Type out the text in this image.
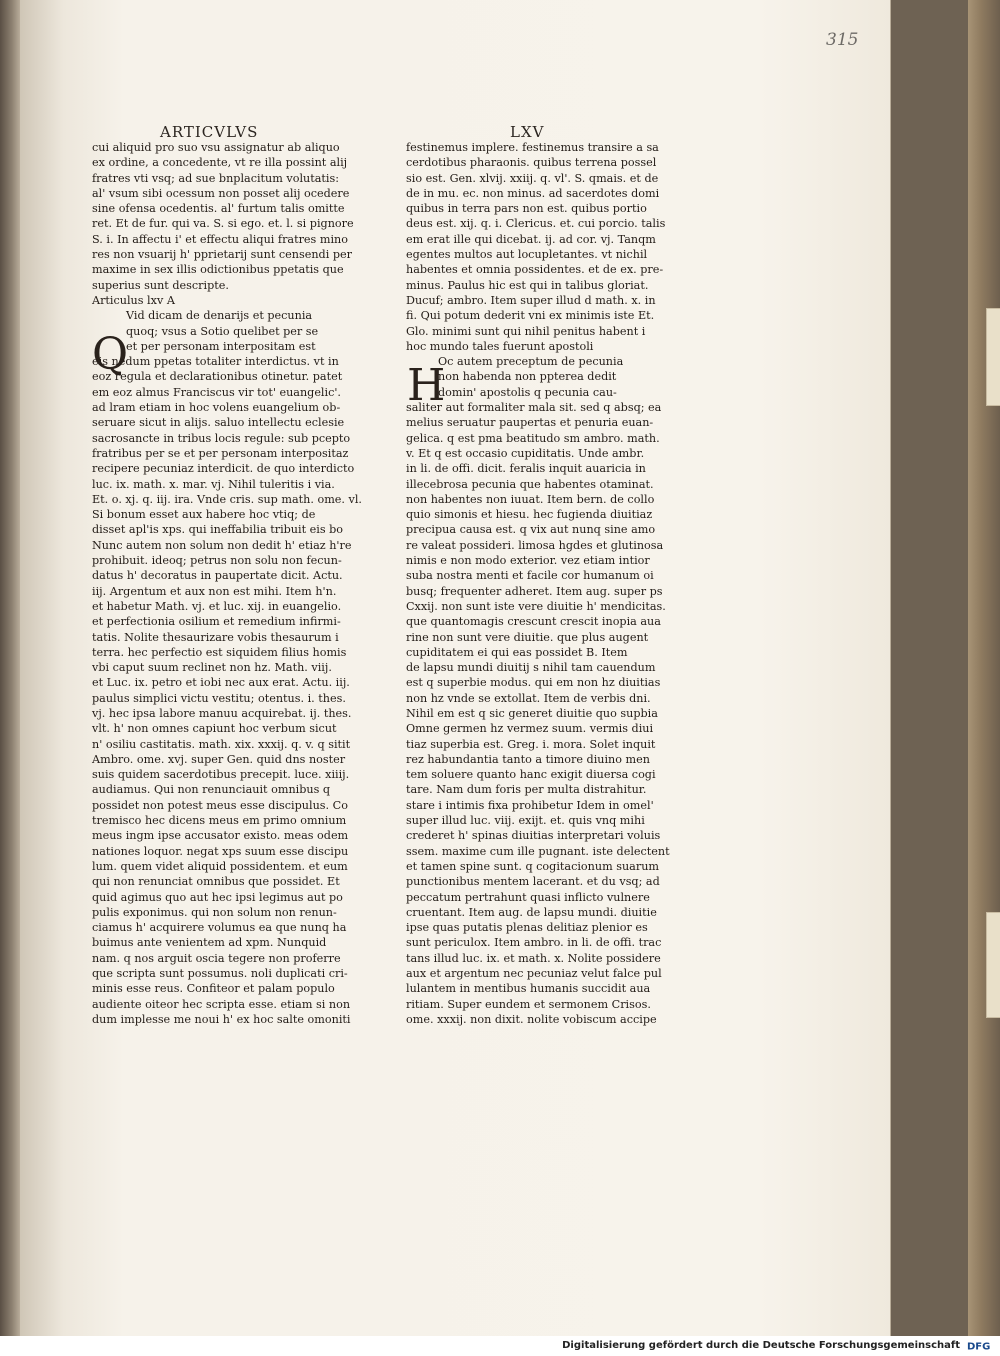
315
ARTICVLVS	LXV
Q
H
cui aliquid pro suo vsu assignatur ab aliquo
ex ordine, a concedente, vt re illa possint alij
fratres vti vsq; ad sue bnplacitum volutatis:
al' vsum sibi ocessum non posset alij ocedere
sine ofensa ocedentis. al' furtum talis omitte
ret. Et de fur. qui va. S. si ego. et. l. si pignore
S. i. In affectu i' et effectu aliqui fratres mino
res non vsuarij h' pprietarij sunt censendi per
maxime in sex illis odictionibus ppetatis que
superius sunt descripte.
Articulus lxv A
Vid dicam de denarijs et pecunia
quoq; vsus a Sotio quelibet per se
et per personam interpositam est
eis nedum ppetas totaliter interdictus. vt in
eoz regula et declarationibus otinetur. patet
em eoz almus Franciscus vir tot' euangelic'.
ad lram etiam in hoc volens euangelium ob-
seruare sicut in alijs. saluo intellectu eclesie
sacrosancte in tribus locis regule: sub pcepto
fratribus per se et per personam interpositaz
recipere pecuniaz interdicit. de quo interdicto
luc. ix. math. x. mar. vj. Nihil tuleritis i via.
Et. o. xj. q. iij. ira. Vnde cris. sup math. ome. vl.
Si bonum esset aux habere hoc vtiq; de
disset apl'is xps. qui ineffabilia tribuit eis bo
Nunc autem non solum non dedit h' etiaz h're
prohibuit. ideoq; petrus non solu non fecun-
datus h' decoratus in paupertate dicit. Actu.
iij. Argentum et aux non est mihi. Item h'n.
et habetur Math. vj. et luc. xij. in euangelio.
et perfectionia osilium et remedium infirmi-
tatis. Nolite thesaurizare vobis thesaurum i
terra. hec perfectio est siquidem filius homis
vbi caput suum reclinet non hz. Math. viij.
et Luc. ix. petro et iobi nec aux erat. Actu. iij.
paulus simplici victu vestitu; otentus. i. thes.
vj. hec ipsa labore manuu acquirebat. ij. thes.
vlt. h' non omnes capiunt hoc verbum sicut
n' osiliu castitatis. math. xix. xxxij. q. v. q sitit
Ambro. ome. xvj. super Gen. quid dns noster
suis quidem sacerdotibus precepit. luce. xiiij.
audiamus. Qui non renunciauit omnibus q
possidet non potest meus esse discipulus. Co
tremisco hec dicens meus em primo omnium
meus ingm ipse accusator existo. meas odem
nationes loquor. negat xps suum esse discipu
lum. quem videt aliquid possidentem. et eum
qui non renunciat omnibus que possidet. Et
quid agimus quo aut hec ipsi legimus aut po
pulis exponimus. qui non solum non renun-
ciamus h' acquirere volumus ea que nunq ha
buimus ante venientem ad xpm. Nunquid
nam. q nos arguit oscia tegere non proferre
que scripta sunt possumus. noli duplicati cri-
minis esse reus. Confiteor et palam populo
audiente oiteor hec scripta esse. etiam si non
dum implesse me noui h' ex hoc salte omoniti
festinemus implere. festinemus transire a sa
cerdotibus pharaonis. quibus terrena possel
sio est. Gen. xlvij. xxiij. q. vl'. S. qmais. et de
de in mu. ec. non minus. ad sacerdotes domi
quibus in terra pars non est. quibus portio
deus est. xij. q. i. Clericus. et. cui porcio. talis
em erat ille qui dicebat. ij. ad cor. vj. Tanqm
egentes multos aut locupletantes. vt nichil
habentes et omnia possidentes. et de ex. pre-
minus. Paulus hic est qui in talibus gloriat.
Ducuf; ambro. Item super illud d math. x. in
fi. Qui potum dederit vni ex minimis iste Et.
Glo. minimi sunt qui nihil penitus habent i
hoc mundo tales fuerunt apostoli
Oc autem preceptum de pecunia
non habenda non ppterea dedit
domin' apostolis q pecunia cau-
saliter aut formaliter mala sit. sed q absq; ea
melius seruatur paupertas et penuria euan-
gelica. q est pma beatitudo sm ambro. math.
v. Et q est occasio cupiditatis. Unde ambr.
in li. de offi. dicit. feralis inquit auaricia in
illecebrosa pecunia que habentes otaminat.
non habentes non iuuat. Item bern. de collo
quio simonis et hiesu. hec fugienda diuitiaz
precipua causa est. q vix aut nunq sine amo
re valeat possideri. limosa hgdes et glutinosa
nimis e non modo exterior. vez etiam intior
suba nostra menti et facile cor humanum oi
busq; frequenter adheret. Item aug. super ps
Cxxij. non sunt iste vere diuitie h' mendicitas.
que quantomagis crescunt crescit inopia aua
rine non sunt vere diuitie. que plus augent
cupiditatem ei qui eas possidet B. Item
de lapsu mundi diuitij s nihil tam cauendum
est q superbie modus. qui em non hz diuitias
non hz vnde se extollat. Item de verbis dni.
Nihil em est q sic generet diuitie quo supbia
Omne germen hz vermez suum. vermis diui
tiaz superbia est. Greg. i. mora. Solet inquit
rez habundantia tanto a timore diuino men
tem soluere quanto hanc exigit diuersa cogi
tare. Nam dum foris per multa distrahitur.
stare i intimis fixa prohibetur Idem in omel'
super illud luc. viij. exijt. et. quis vnq mihi
crederet h' spinas diuitias interpretari voluis
ssem. maxime cum ille pugnant. iste delectent
et tamen spine sunt. q cogitacionum suarum
punctionibus mentem lacerant. et du vsq; ad
peccatum pertrahunt quasi inflicto vulnere
cruentant. Item aug. de lapsu mundi. diuitie
ipse quas putatis plenas delitiaz plenior es
sunt periculox. Item ambro. in li. de offi. trac
tans illud luc. ix. et math. x. Nolite possidere
aux et argentum nec pecuniaz velut falce pul
lulantem in mentibus humanis succidit aua
ritiam. Super eundem et sermonem Crisos.
ome. xxxij. non dixit. nolite vobiscum accipe
Digitalisierung gefördert durch die Deutsche Forschungsgemeinschaft DFG
